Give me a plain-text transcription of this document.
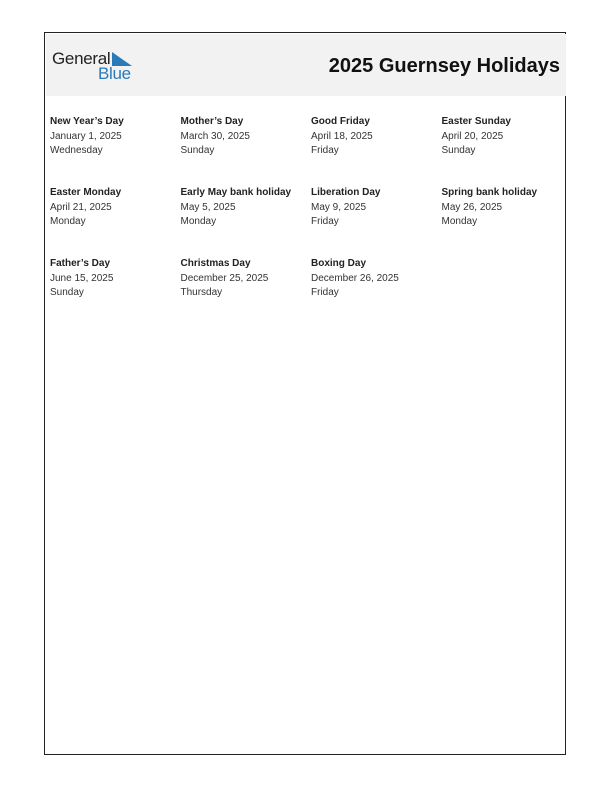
General
Blue	2025 Guernsey Holidays
New Year’s Day
January 1, 2025
Wednesday
Mother’s Day
March 30, 2025
Sunday
Good Friday
April 18, 2025
Friday
Easter Sunday
April 20, 2025
Sunday
Easter Monday
April 21, 2025
Monday
Early May bank holiday
May 5, 2025
Monday
Liberation Day
May 9, 2025
Friday
Spring bank holiday
May 26, 2025
Monday
Father’s Day
June 15, 2025
Sunday
Christmas Day
December 25, 2025
Thursday
Boxing Day
December 26, 2025
Friday
